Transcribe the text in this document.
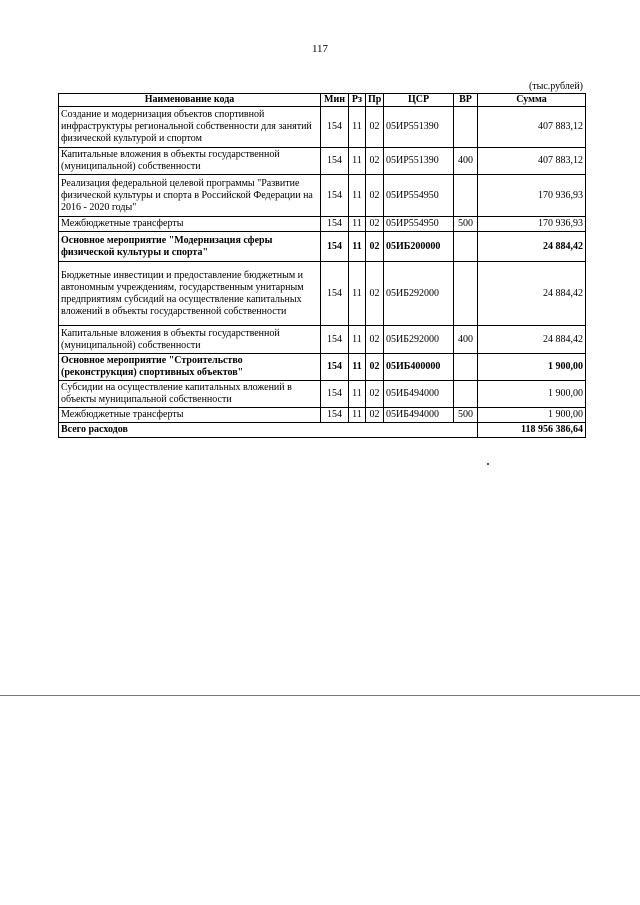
117
(тыс.рублей)
Наименование кода	Мин	Рз	Пр	ЦСР	ВР	Сумма
Создание и модернизация объектов спортивной инфраструктуры региональной собственности для занятий физической культурой и спортом	154	11	02	05ИР551390		407 883,12
Капитальные вложения в объекты государственной (муниципальной) собственности	154	11	02	05ИР551390	400	407 883,12
Реализация федеральной целевой программы "Развитие физической культуры и спорта в Российской Федерации на 2016 - 2020 годы"	154	11	02	05ИР554950		170 936,93
Межбюджетные трансферты	154	11	02	05ИР554950	500	170 936,93
Основное мероприятие "Модернизация сферы физической культуры и спорта"	154	11	02	05ИБ200000		24 884,42
Бюджетные инвестиции и предоставление бюджетным и автономным учреждениям, государственным унитарным предприятиям субсидий на осуществление капитальных вложений в объекты государственной собственности	154	11	02	05ИБ292000		24 884,42
Капитальные вложения в объекты государственной (муниципальной) собственности	154	11	02	05ИБ292000	400	24 884,42
Основное мероприятие "Строительство (реконструкция) спортивных объектов"	154	11	02	05ИБ400000		1 900,00
Субсидии на осуществление капитальных вложений в объекты муниципальной собственности	154	11	02	05ИБ494000		1 900,00
Межбюджетные трансферты	154	11	02	05ИБ494000	500	1 900,00
Всего расходов						118 956 386,64
